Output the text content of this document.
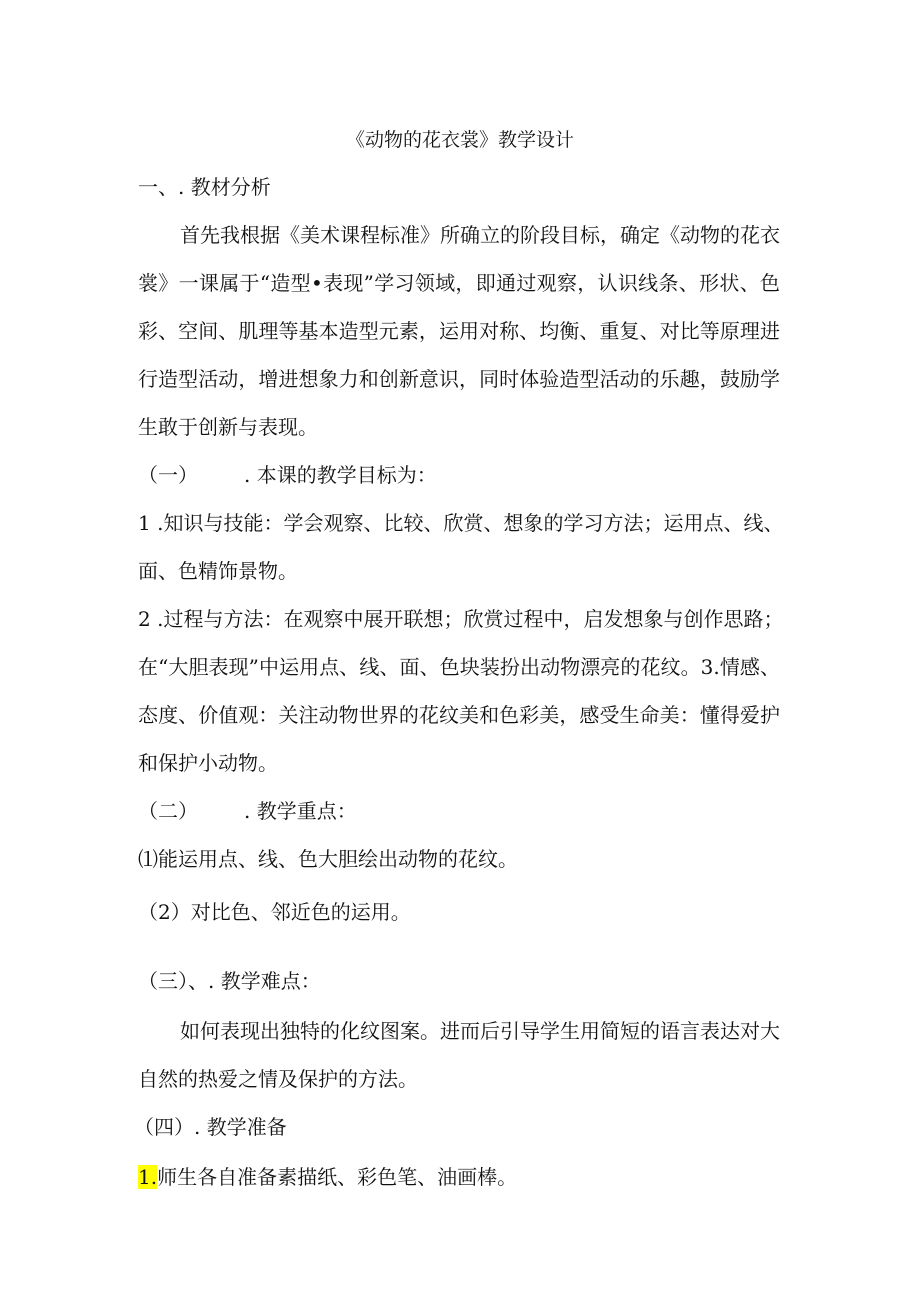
《动物的花衣裳》教学设计
一、. 教材分析
首先我根据《美术课程标准》所确立的阶段目标，确定《动物的花衣
裳》一课属于“造型•表现”学习领域，即通过观察，认识线条、形状、色
彩、空间、肌理等基本造型元素，运用对称、均衡、重复、对比等原理进
行造型活动，增进想象力和创新意识，同时体验造型活动的乐趣，鼓励学
生敢于创新与表现。
（一） . 本课的教学目标为：
1 .知识与技能：学会观察、比较、欣赏、想象的学习方法；运用点、线、
面、色精饰景物。
2 .过程与方法：在观察中展开联想；欣赏过程中，启发想象与创作思路；
在“大胆表现”中运用点、线、面、色块装扮出动物漂亮的花纹。3.情感、
态度、价值观：关注动物世界的花纹美和色彩美，感受生命美：懂得爱护
和保护小动物。
（二） . 教学重点：
⑴能运用点、线、色大胆绘出动物的花纹。
（2）对比色、邻近色的运用。
（三）、. 教学难点：
如何表现出独特的化纹图案。进而后引导学生用简短的语言表达对大
自然的热爱之情及保护的方法。
（四）. 教学准备
1.师生各自准备素描纸、彩色笔、油画棒。
